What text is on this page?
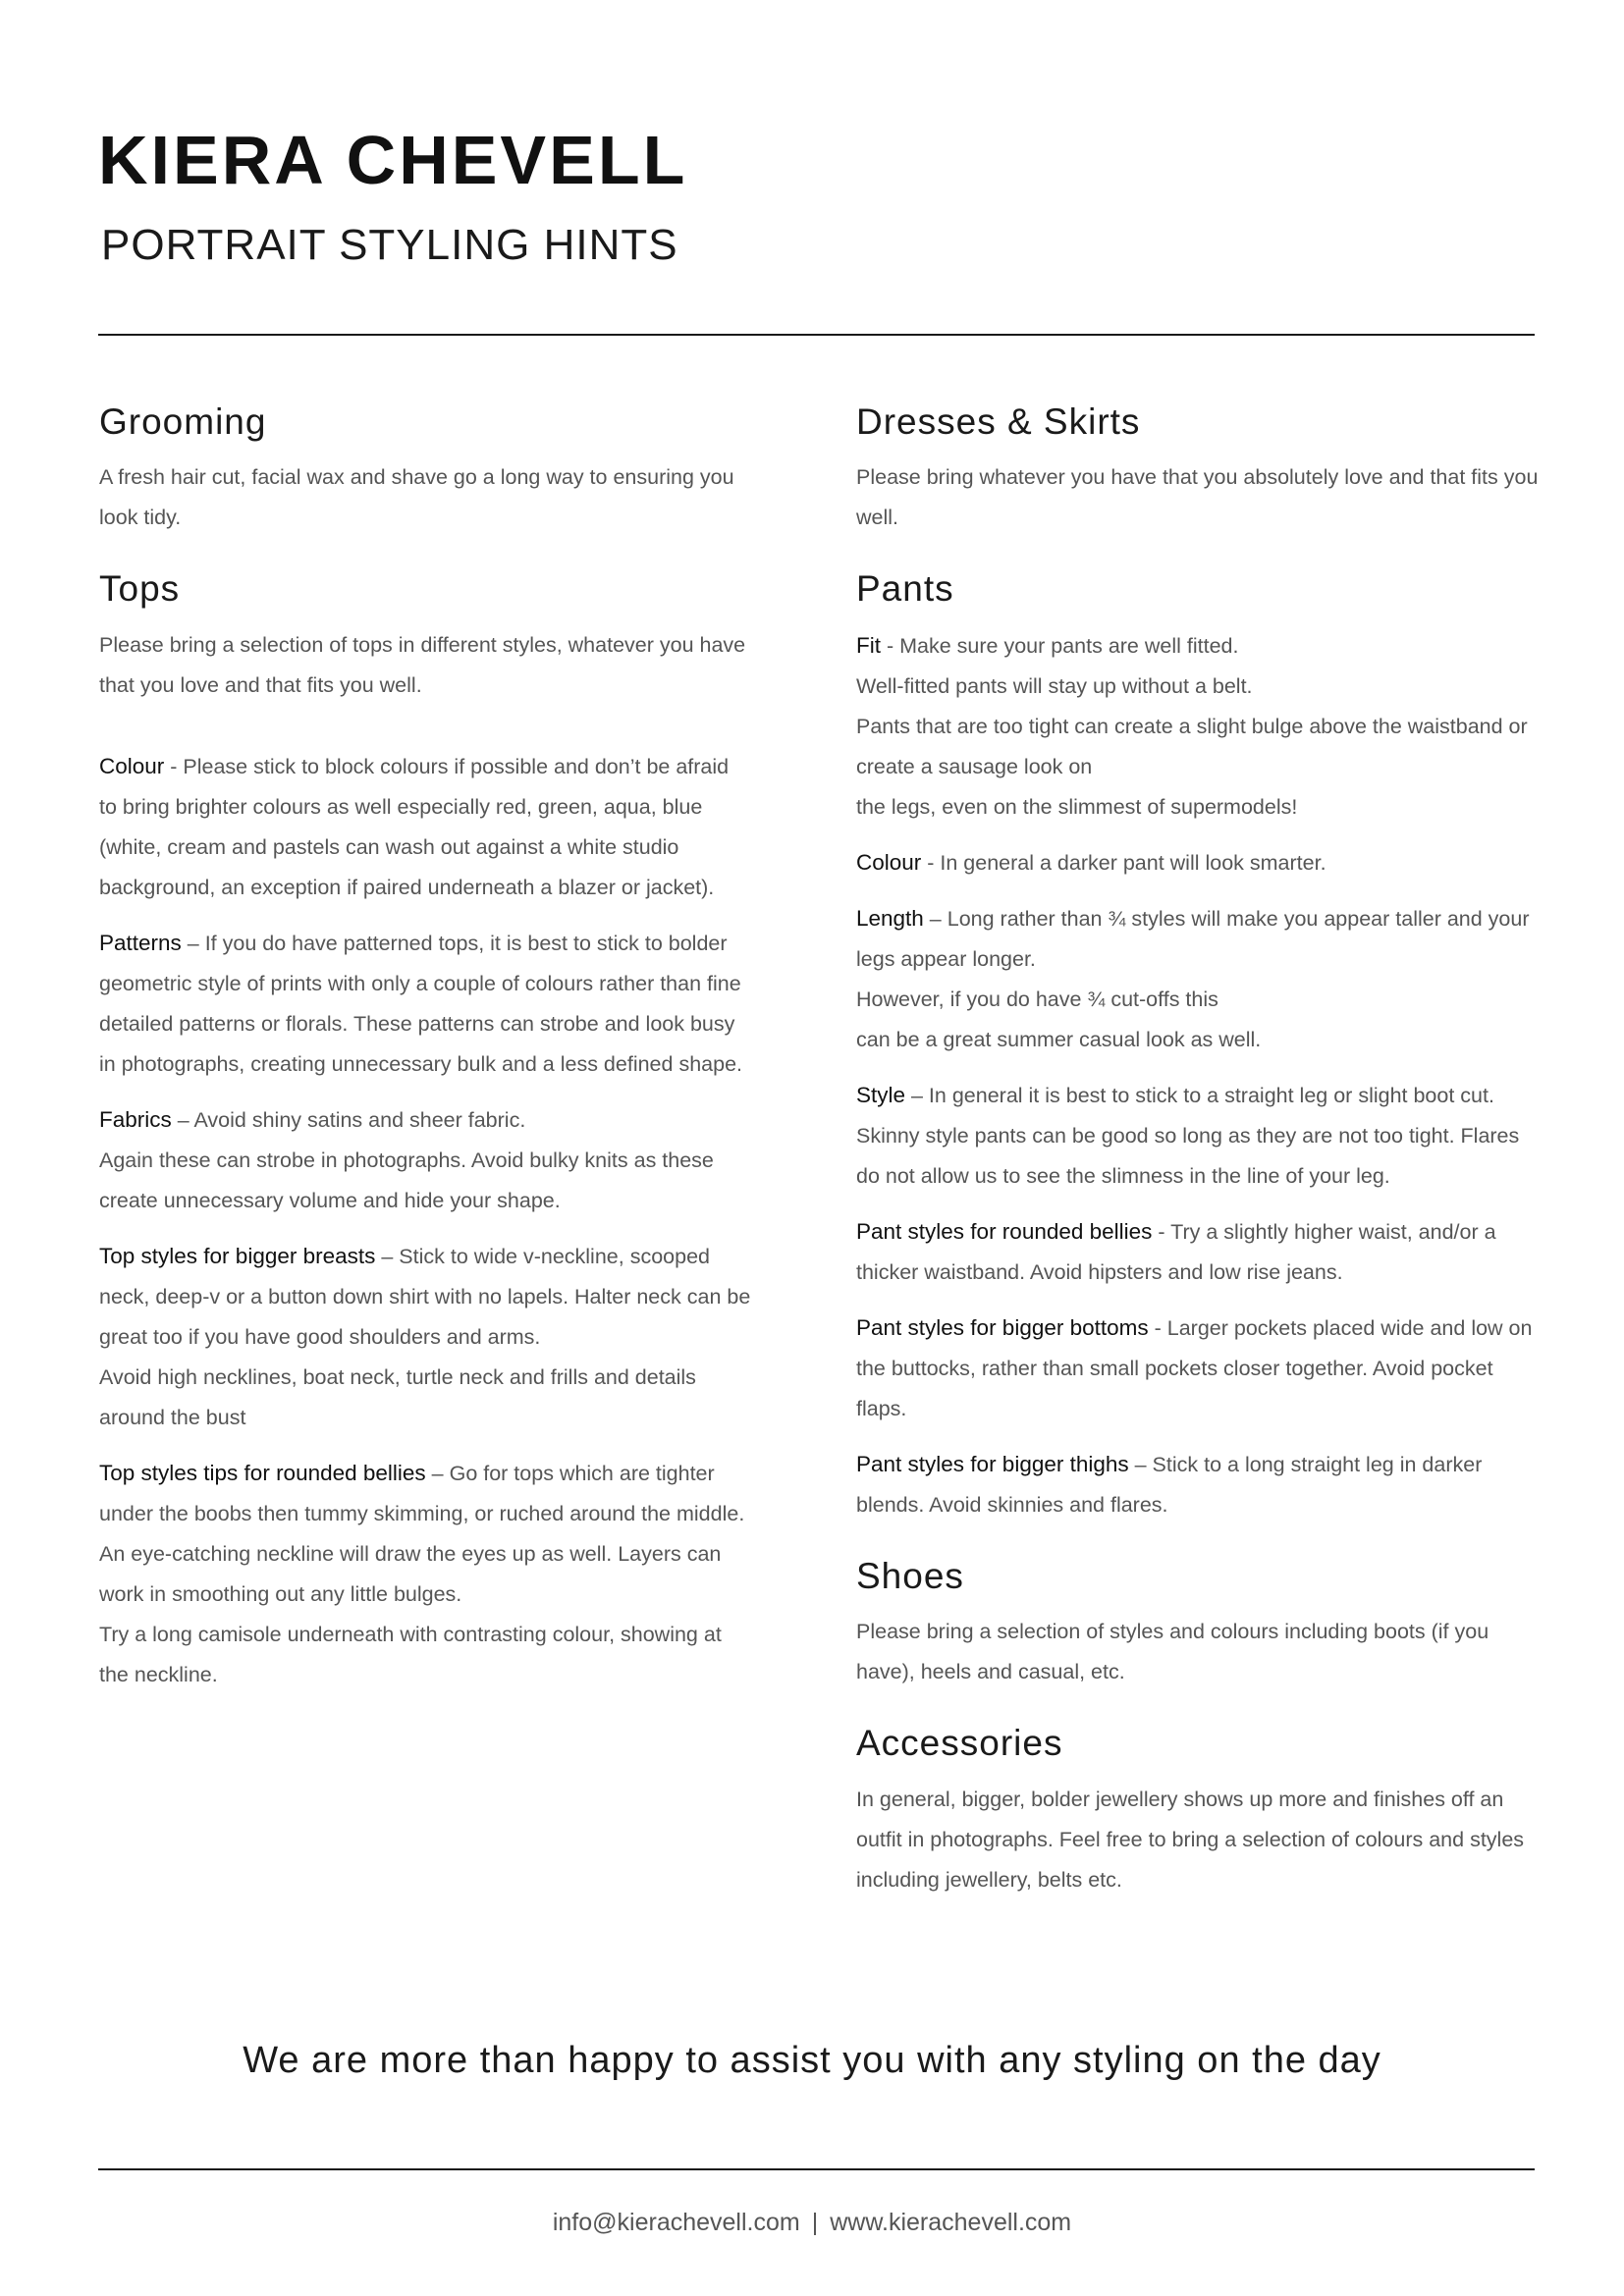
KIERA CHEVELL
PORTRAIT STYLING HINTS
Grooming

A fresh hair cut, facial wax and shave go a long way to ensuring you look tidy.

Tops

Please bring a selection of tops in different styles, whatever you have that you love and that fits you well.

Colour - Please stick to block colours if possible and don’t be afraid to bring brighter colours as well especially red, green, aqua, blue (white, cream and pastels can wash out against a white studio background, an exception if paired underneath a blazer or jacket).

Patterns – If you do have patterned tops, it is best to stick to bolder geometric style of prints with only a couple of colours rather than fine detailed patterns or florals. These patterns can strobe and look busy in photographs, creating unnecessary bulk and a less defined shape.

Fabrics – Avoid shiny satins and sheer fabric.
Again these can strobe in photographs. Avoid bulky knits as these create unnecessary volume and hide your shape.

Top styles for bigger breasts – Stick to wide v-neckline, scooped neck, deep-v or a button down shirt with no lapels. Halter neck can be great too if you have good shoulders and arms.
Avoid high necklines, boat neck, turtle neck and frills and details around the bust

Top styles tips for rounded bellies – Go for tops which are tighter under the boobs then tummy skimming, or ruched around the middle. An eye-catching neckline will draw the eyes up as well. Layers can work in smoothing out any little bulges.
Try a long camisole underneath with contrasting colour, showing at the neckline.

Dresses & Skirts

Please bring whatever you have that you absolutely love and that fits you well.

Pants

Fit - Make sure your pants are well fitted.
Well-fitted pants will stay up without a belt.
Pants that are too tight can create a slight bulge above the waistband or create a sausage look on
the legs, even on the slimmest of supermodels!

Colour - In general a darker pant will look smarter.

Length – Long rather than ¾ styles will make you appear taller and your legs appear longer.
However, if you do have ¾ cut-offs this
can be a great summer casual look as well.

Style – In general it is best to stick to a straight leg or slight boot cut. Skinny style pants can be good so long as they are not too tight. Flares do not allow us to see the slimness in the line of your leg.

Pant styles for rounded bellies - Try a slightly higher waist, and/or a thicker waistband. Avoid hipsters and low rise jeans.

Pant styles for bigger bottoms - Larger pockets placed wide and low on the buttocks, rather than small pockets closer together. Avoid pocket flaps.

Pant styles for bigger thighs – Stick to a long straight leg in darker blends. Avoid skinnies and flares.

Shoes

Please bring a selection of styles and colours including boots (if you have), heels and casual, etc.

Accessories

In general, bigger, bolder jewellery shows up more and finishes off an outfit in photographs. Feel free to bring a selection of colours and styles including jewellery, belts etc.

We are more than happy to assist you with any styling on the day

info@kierachevell.com | www.kierachevell.com
